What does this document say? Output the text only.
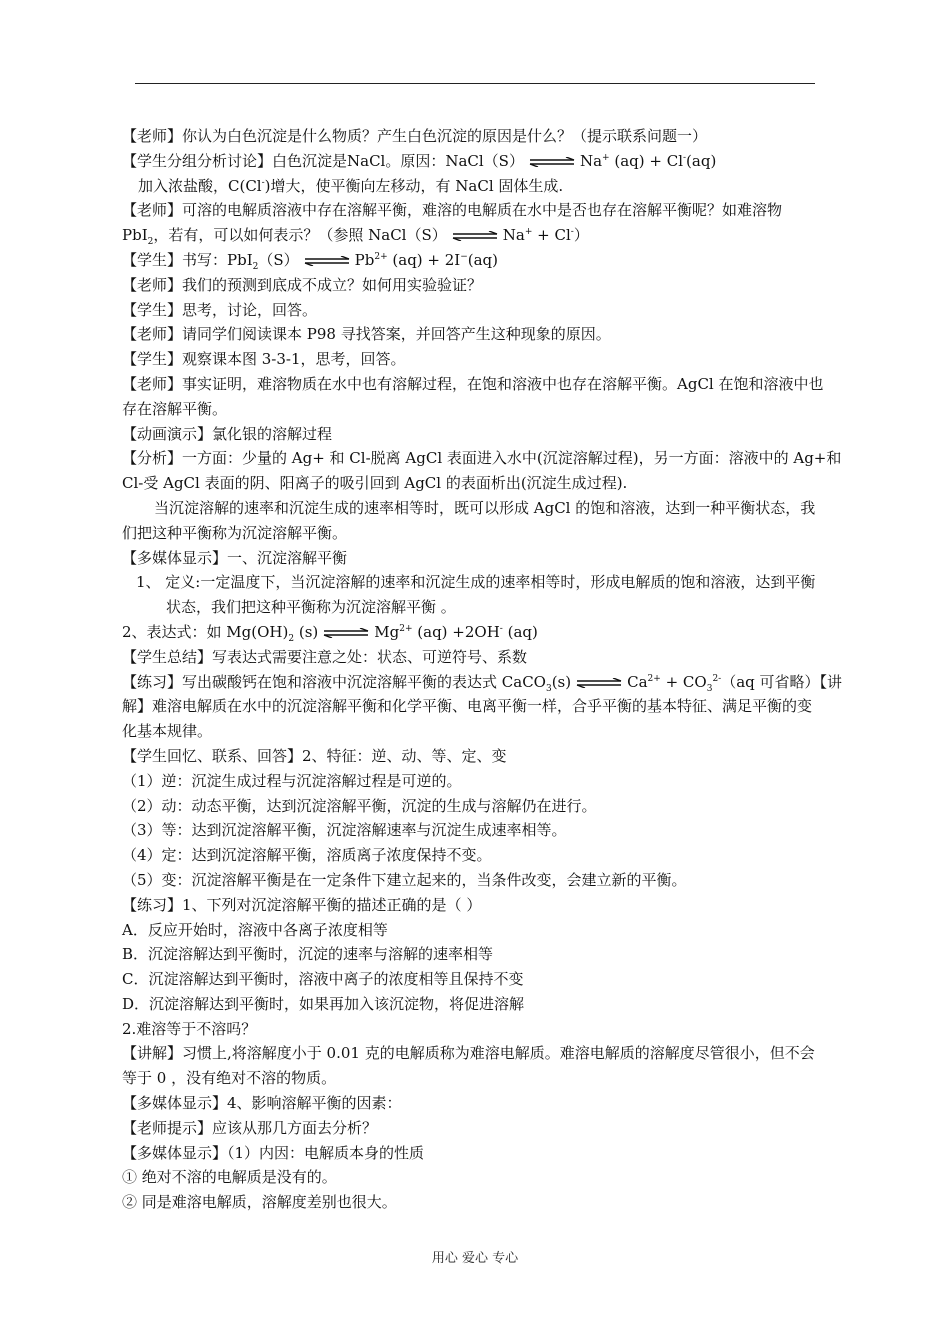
【老师】你认为白色沉淀是什么物质？产生白色沉淀的原因是什么？（提示联系问题一）

【学生分组分析讨论】白色沉淀是NaCl。原因：NaCl（S） ⇌ Na+ (aq) + Cl-(aq)

加入浓盐酸，C(Cl-)增大，使平衡向左移动，有 NaCl 固体生成.

【老师】可溶的电解质溶液中存在溶解平衡，难溶的电解质在水中是否也存在溶解平衡呢？如难溶物

PbI$_2$，若有，可以如何表示？（参照 NaCl（S） ⇌ Na+ + Cl-）

【学生】书写：PbI$_2$（S） ⇌ $Pb^{2+}$ (aq) + 2I−(aq)

【老师】我们的预测到底成不成立？如何用实验验证？

【学生】思考，讨论，回答。

【老师】请同学们阅读课本 P98 寻找答案，并回答产生这种现象的原因。

【学生】观察课本图 3-3-1，思考，回答。

【老师】事实证明，难溶物质在水中也有溶解过程，在饱和溶液中也存在溶解平衡。AgCl 在饱和溶液中也

存在溶解平衡。

【动画演示】氯化银的溶解过程

【分析】一方面：少量的 Ag+ 和 Cl-脱离 AgCl 表面进入水中(沉淀溶解过程)，另一方面：溶液中的 Ag+和

Cl-受 AgCl 表面的阴、阳离子的吸引回到 AgCl 的表面析出(沉淀生成过程).

当沉淀溶解的速率和沉淀生成的速率相等时，既可以形成 AgCl 的饱和溶液，达到一种平衡状态，我

们把这种平衡称为沉淀溶解平衡。

【多媒体显示】一、沉淀溶解平衡

1、 定义:一定温度下，当沉淀溶解的速率和沉淀生成的速率相等时，形成电解质的饱和溶液，达到平衡

状态，我们把这种平衡称为沉淀溶解平衡 。

2、表达式：如 $Mg(OH)_2$ (s) ⇌ $Mg^{2+}$ (aq) +2OH- (aq)

【学生总结】写表达式需要注意之处：状态、可逆符号、系数

【练习】写出碳酸钙在饱和溶液中沉淀溶解平衡的表达式 CaCO$_3$(s) ⇌ $Ca^{2+} + CO_3^{2-}(aq$ 可省略）【讲

解】难溶电解质在水中的沉淀溶解平衡和化学平衡、电离平衡一样，合乎平衡的基本特征、满足平衡的变

化基本规律。

【学生回忆、联系、回答】2、特征：逆、动、等、定、变

（1）逆：沉淀生成过程与沉淀溶解过程是可逆的。

（2）动：动态平衡，达到沉淀溶解平衡，沉淀的生成与溶解仍在进行。

（3）等：达到沉淀溶解平衡，沉淀溶解速率与沉淀生成速率相等。

（4）定：达到沉淀溶解平衡，溶质离子浓度保持不变。

（5）变：沉淀溶解平衡是在一定条件下建立起来的，当条件改变，会建立新的平衡。

【练习】1、下列对沉淀溶解平衡的描述正确的是（ ）

A．反应开始时，溶液中各离子浓度相等

B．沉淀溶解达到平衡时，沉淀的速率与溶解的速率相等

C．沉淀溶解达到平衡时，溶液中离子的浓度相等且保持不变

D．沉淀溶解达到平衡时，如果再加入该沉淀物，将促进溶解

2.难溶等于不溶吗？

【讲解】习惯上,将溶解度小于 0.01 克的电解质称为难溶电解质。难溶电解质的溶解度尽管很小，但不会

等于 0 ，没有绝对不溶的物质。

【多媒体显示】4、影响溶解平衡的因素：

【老师提示】应该从那几方面去分析？

【多媒体显示】（1）内因：电解质本身的性质

① 绝对不溶的电解质是没有的。

② 同是难溶电解质，溶解度差别也很大。

用心 爱心 专心
